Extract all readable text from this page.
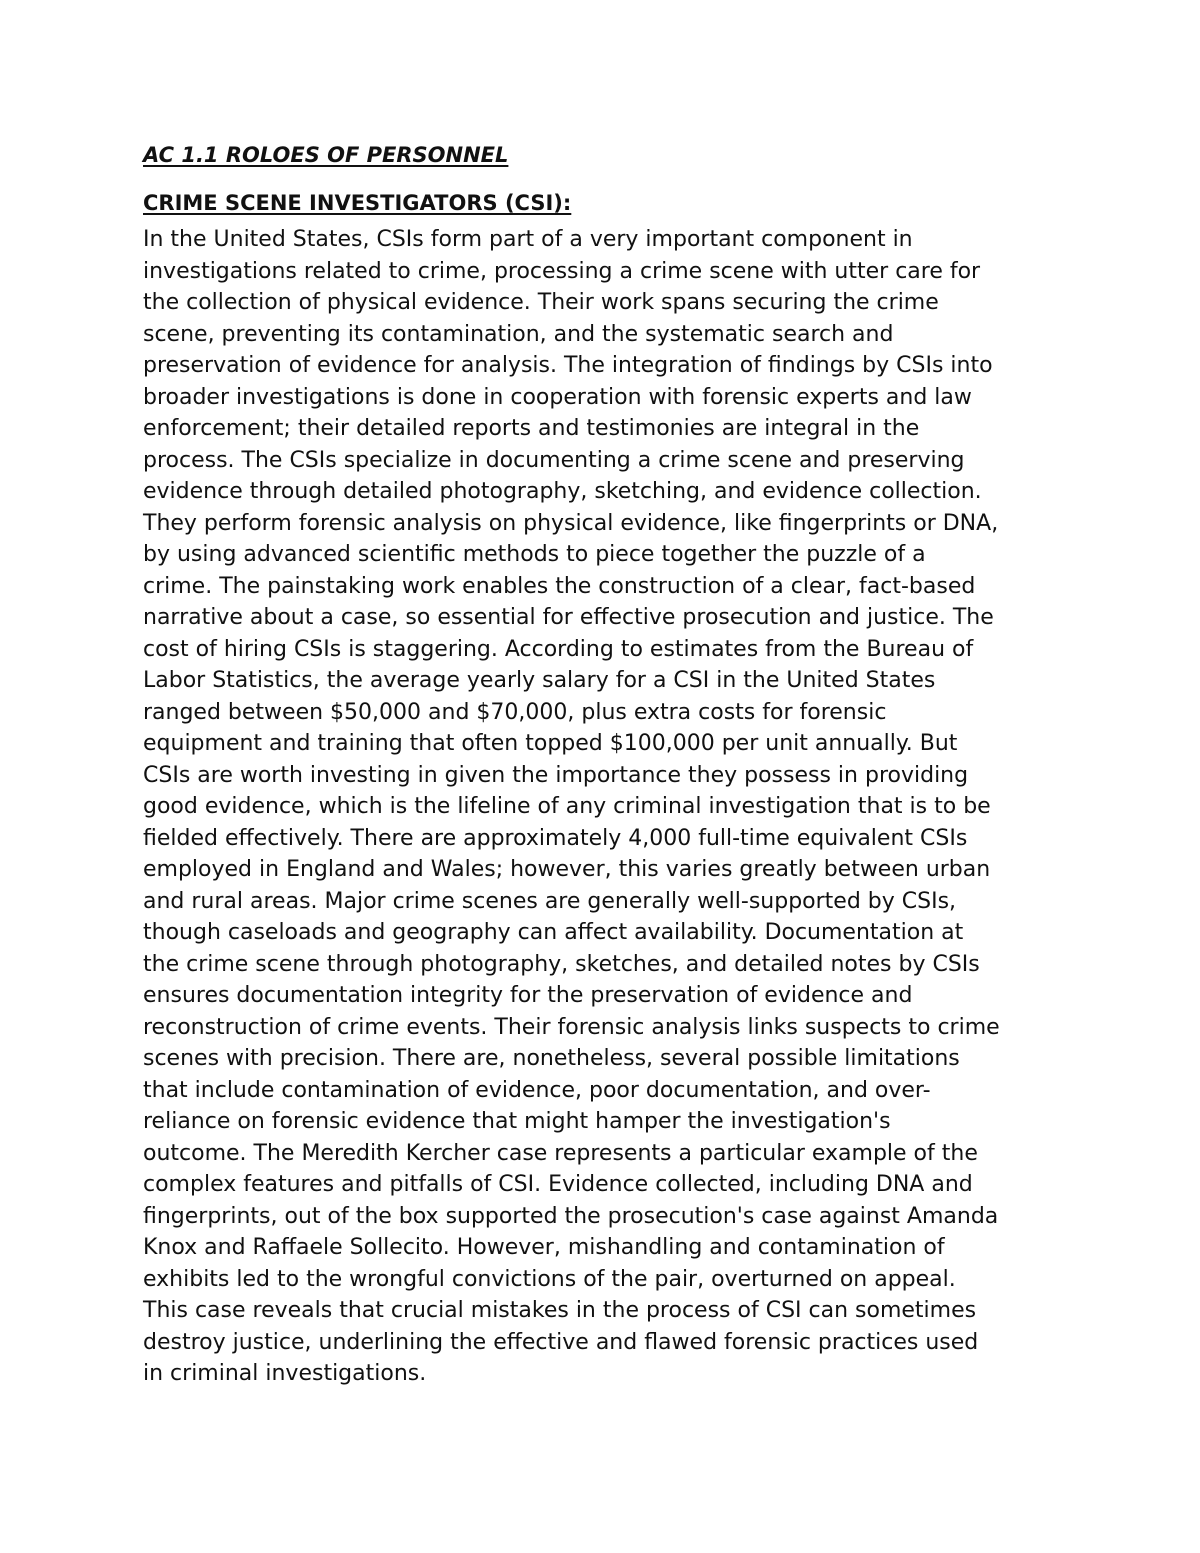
AC 1.1 ROLOES OF PERSONNEL
CRIME SCENE INVESTIGATORS (CSI):
In the United States, CSIs form part of a very important component in
investigations related to crime, processing a crime scene with utter care for
the collection of physical evidence. Their work spans securing the crime
scene, preventing its contamination, and the systematic search and
preservation of evidence for analysis. The integration of findings by CSIs into
broader investigations is done in cooperation with forensic experts and law
enforcement; their detailed reports and testimonies are integral in the
process. The CSIs specialize in documenting a crime scene and preserving
evidence through detailed photography, sketching, and evidence collection.
They perform forensic analysis on physical evidence, like fingerprints or DNA,
by using advanced scientific methods to piece together the puzzle of a
crime. The painstaking work enables the construction of a clear, fact-based
narrative about a case, so essential for effective prosecution and justice. The
cost of hiring CSIs is staggering. According to estimates from the Bureau of
Labor Statistics, the average yearly salary for a CSI in the United States
ranged between $50,000 and $70,000, plus extra costs for forensic
equipment and training that often topped $100,000 per unit annually. But
CSIs are worth investing in given the importance they possess in providing
good evidence, which is the lifeline of any criminal investigation that is to be
fielded effectively. There are approximately 4,000 full-time equivalent CSIs
employed in England and Wales; however, this varies greatly between urban
and rural areas. Major crime scenes are generally well-supported by CSIs,
though caseloads and geography can affect availability. Documentation at
the crime scene through photography, sketches, and detailed notes by CSIs
ensures documentation integrity for the preservation of evidence and
reconstruction of crime events. Their forensic analysis links suspects to crime
scenes with precision. There are, nonetheless, several possible limitations
that include contamination of evidence, poor documentation, and over-
reliance on forensic evidence that might hamper the investigation's
outcome. The Meredith Kercher case represents a particular example of the
complex features and pitfalls of CSI. Evidence collected, including DNA and
fingerprints, out of the box supported the prosecution's case against Amanda
Knox and Raffaele Sollecito. However, mishandling and contamination of
exhibits led to the wrongful convictions of the pair, overturned on appeal.
This case reveals that crucial mistakes in the process of CSI can sometimes
destroy justice, underlining the effective and flawed forensic practices used
in criminal investigations.
